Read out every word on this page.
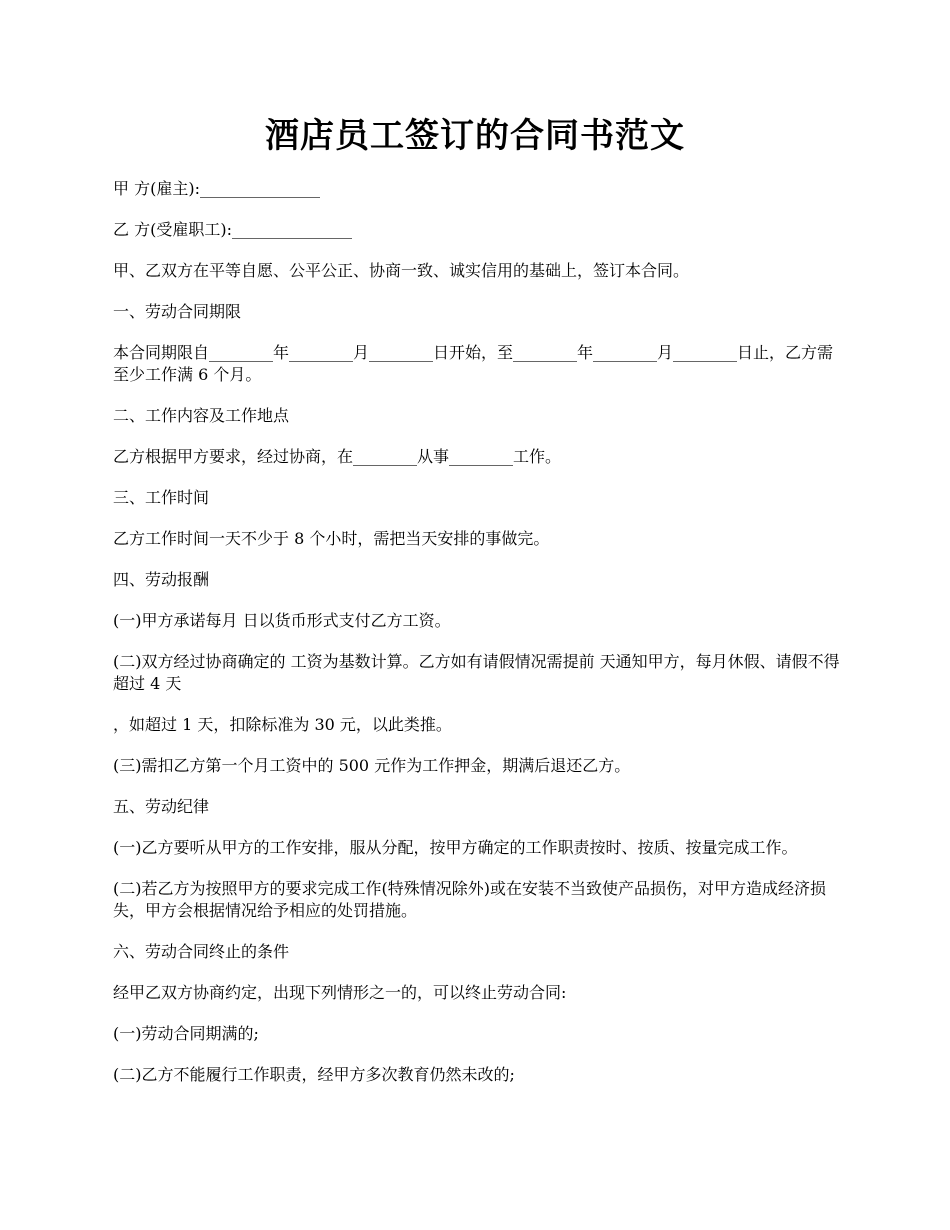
酒店员工签订的合同书范文

甲 方(雇主):_______________

乙 方(受雇职工):_______________

甲、乙双方在平等自愿、公平公正、协商一致、诚实信用的基础上，签订本合同。

一、劳动合同期限

本合同期限自________年________月________日开始，至________年________月________日止，乙方需至少工作满 6 个月。

二、工作内容及工作地点

乙方根据甲方要求，经过协商，在________从事________工作。

三、工作时间

乙方工作时间一天不少于 8 个小时，需把当天安排的事做完。

四、劳动报酬

(一)甲方承诺每月 日以货币形式支付乙方工资。

(二)双方经过协商确定的 工资为基数计算。乙方如有请假情况需提前 天通知甲方，每月休假、请假不得超过 4 天

，如超过 1 天，扣除标准为 30 元，以此类推。

(三)需扣乙方第一个月工资中的 500 元作为工作押金，期满后退还乙方。

五、劳动纪律

(一)乙方要听从甲方的工作安排，服从分配，按甲方确定的工作职责按时、按质、按量完成工作。

(二)若乙方为按照甲方的要求完成工作(特殊情况除外)或在安装不当致使产品损伤，对甲方造成经济损失，甲方会根据情况给予相应的处罚措施。

六、劳动合同终止的条件

经甲乙双方协商约定，出现下列情形之一的，可以终止劳动合同:

(一)劳动合同期满的;

(二)乙方不能履行工作职责，经甲方多次教育仍然未改的;
